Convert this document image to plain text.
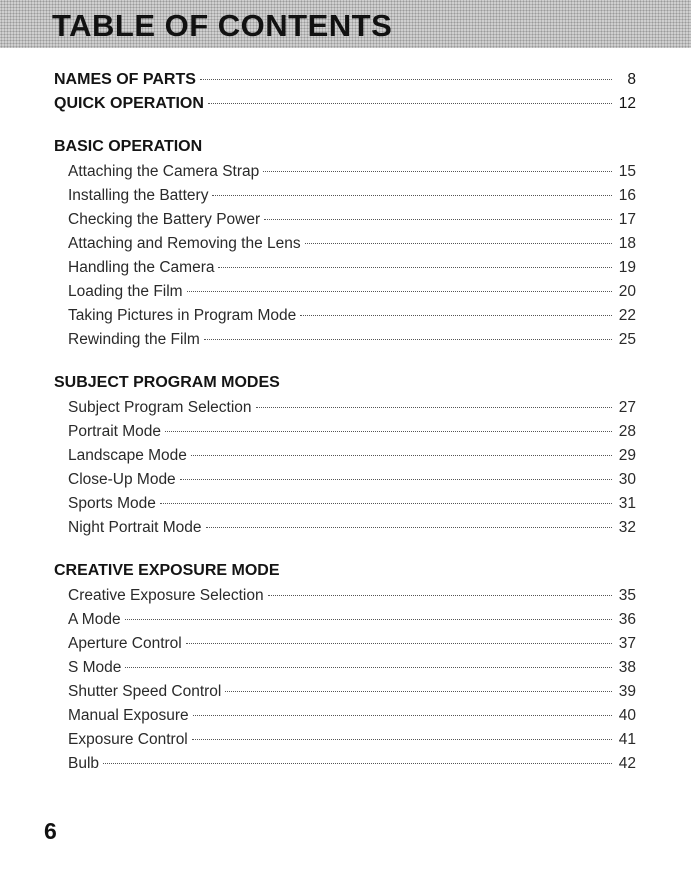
TABLE OF CONTENTS
NAMES OF PARTS	8
QUICK OPERATION	12
BASIC OPERATION
Attaching the Camera Strap	15
Installing the Battery	16
Checking the Battery Power	17
Attaching and Removing the Lens	18
Handling the Camera	19
Loading the Film	20
Taking Pictures in Program Mode	22
Rewinding the Film	25
SUBJECT PROGRAM MODES
Subject Program Selection	27
Portrait Mode	28
Landscape Mode	29
Close-Up Mode	30
Sports Mode	31
Night Portrait Mode	32
CREATIVE EXPOSURE MODE
Creative Exposure Selection	35
A Mode	36
Aperture Control	37
S Mode	38
Shutter Speed Control	39
Manual Exposure	40
Exposure Control	41
Bulb	42
6
